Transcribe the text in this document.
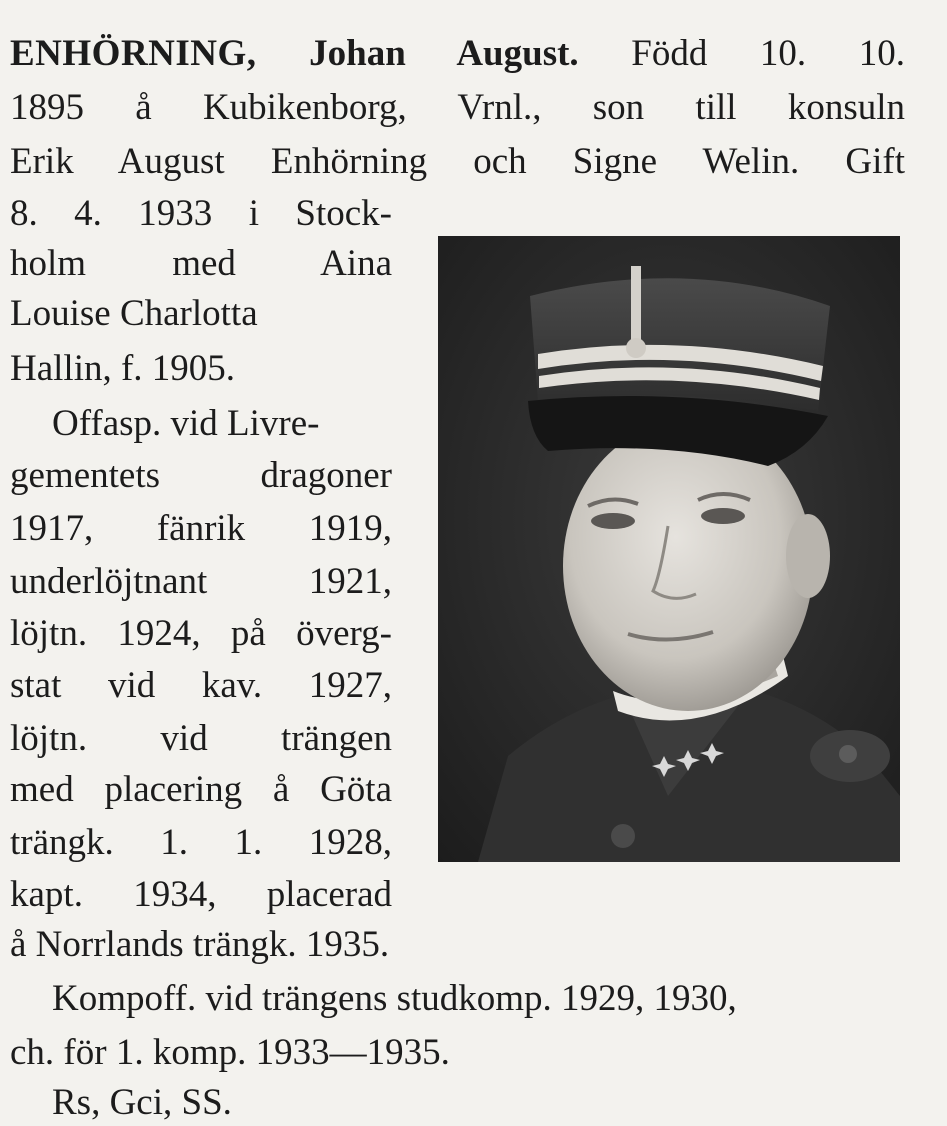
ENHÖRNING, Johan August. Född 10. 10.
1895 å Kubikenborg, Vrnl., son till konsuln
Erik August Enhörning och Signe Welin. Gift
8. 4. 1933 i Stock-
holm med Aina
Louise Charlotta
Hallin, f. 1905.
Offasp. vid Livre-
gementets dragoner
1917, fänrik 1919,
underlöjtnant 1921,
löjtn. 1924, på överg-
stat vid kav. 1927,
löjtn. vid trängen
med placering å Göta
trängk. 1. 1. 1928,
kapt. 1934, placerad
å Norrlands trängk. 1935.
Kompoff. vid trängens studkomp. 1929, 1930,
ch. för 1. komp. 1933—1935.
Rs, Gci, SS.
